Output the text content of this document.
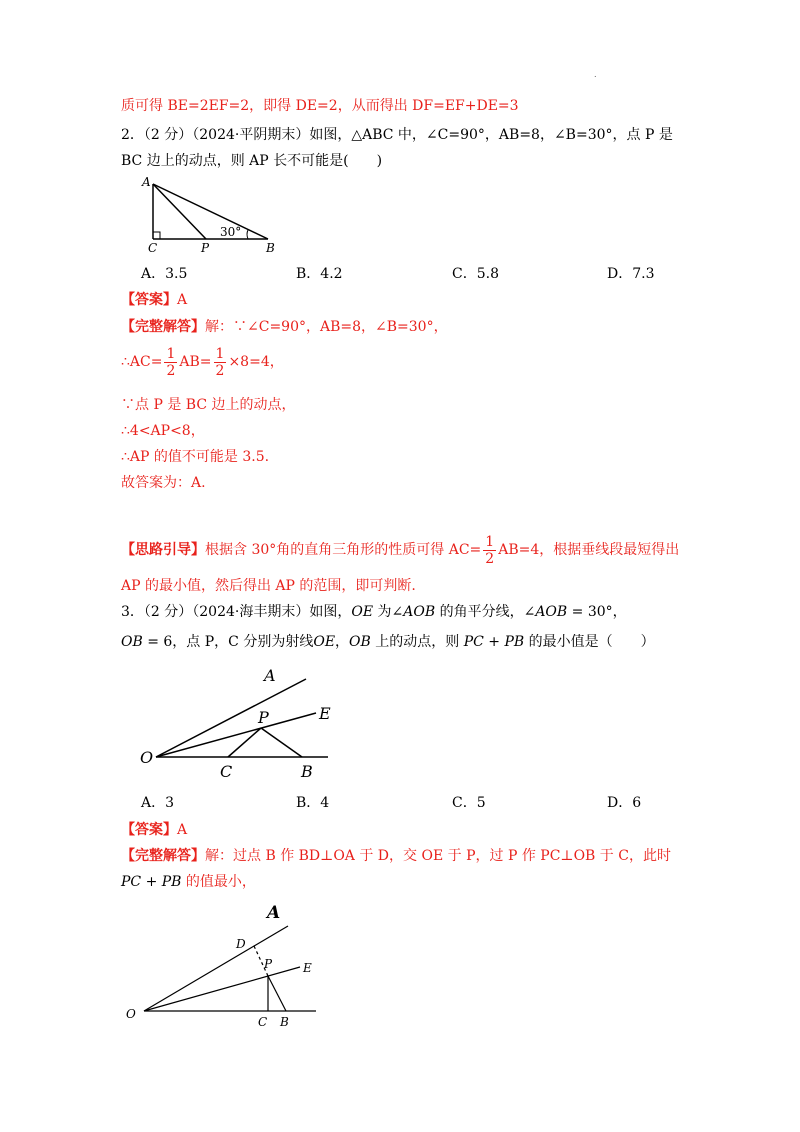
.
质可得 BE=2EF=2，即得 DE=2，从而得出 DF=EF+DE=3
2．（2 分）（2024·平阴期末）如图，△ABC 中，∠C=90°，AB=8，∠B=30°，点 P 是
BC 边上的动点，则 AP 长不可能是(　　)
A
C	P	B
30°
A．3.5	B．4.2	C．5.8	D．7.3
【答案】A
【完整解答】解：∵∠C=90°，AB=8，∠B=30°，
∴AC= $\frac{1}{2} AB= \frac{1}{2} \times 8=4$，
∵点 P 是 BC 边上的动点，
∴4<AP<8，
∴AP 的值不可能是 3.5.
故答案为：A.
【思路引导】根据含 30°角的直角三角形的性质可得 $AC= \frac{1}{2} AB=4$，根据垂线段最短得出
AP 的最小值，然后得出 AP 的范围，即可判断.
3．（2 分）（2024·海丰期末）如图，OE 为∠AOB 的角平分线，∠AOB = 30°，
OB = 6，点 P，C 分别为射线OE，OB 上的动点，则 PC + PB 的最小值是（　　）
A
E
P
O
C	B
A．3	B．4	C．5	D．6
【答案】A
【完整解答】解：过点 B 作 BD⊥OA 于 D，交 OE 于 P，过 P 作 PC⊥OB 于 C，此时
PC + PB 的值最小，
A
D
P	E
O
C B
